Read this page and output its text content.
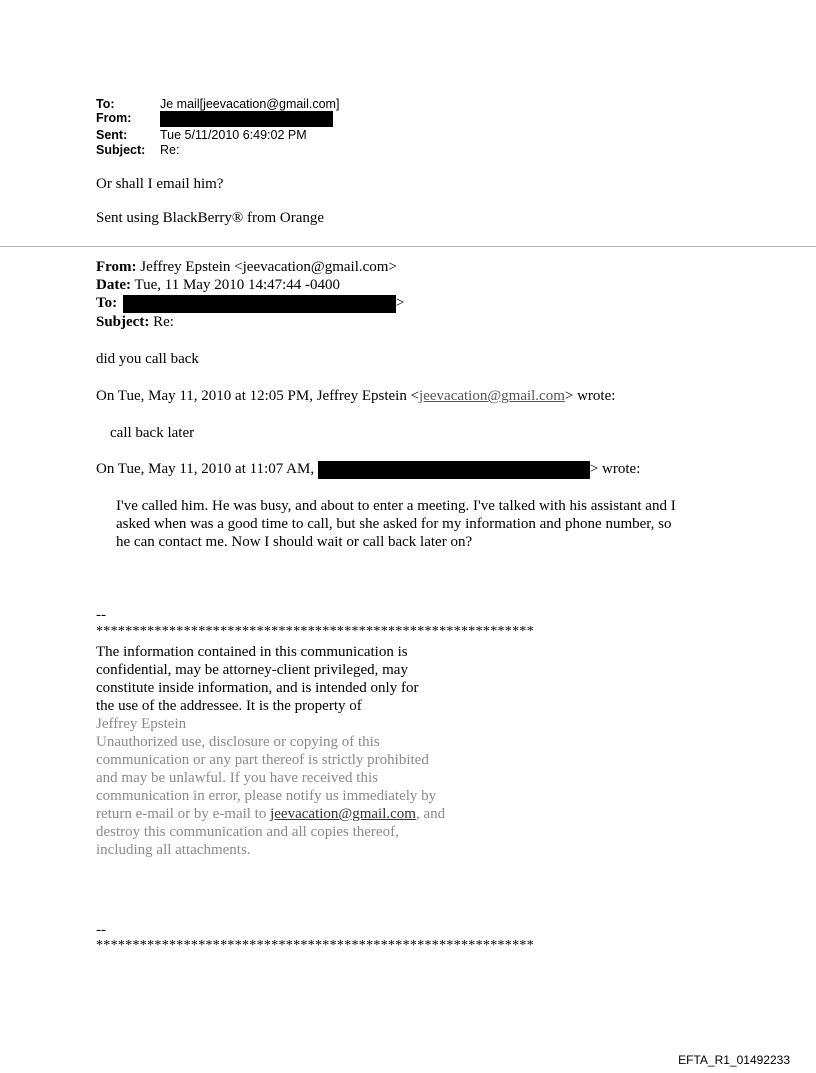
To:	Je mail[jeevacation@gmail.com]
From:
Sent:	Tue 5/11/2010 6:49:02 PM
Subject: Re:
Or shall I email him?
Sent using BlackBerry® from Orange
From: Jeffrey Epstein <jeevacation@gmail.com>
Date: Tue, 11 May 2010 14:47:44 -0400
To:	>
Subject: Re:
did you call back
On Tue, May 11, 2010 at 12:05 PM, Jeffrey Epstein <jeevacation@gmail.com> wrote:
call back later
On Tue, May 11, 2010 at 11:07 AM,	> wrote:
I've called him. He was busy, and about to enter a meeting. I've talked with his assistant and I
asked when was a good time to call, but she asked for my information and phone number, so
he can contact me. Now I should wait or call back later on?
--
************************************************************
The information contained in this communication is
confidential, may be attorney-client privileged, may
constitute inside information, and is intended only for
the use of the addressee. It is the property of
Jeffrey Epstein
Unauthorized use, disclosure or copying of this
communication or any part thereof is strictly prohibited
and may be unlawful. If you have received this
communication in error, please notify us immediately by
return e-mail or by e-mail to jeevacation@gmail.com, and
destroy this communication and all copies thereof,
including all attachments.
--
************************************************************
EFTA_R1_01492233
